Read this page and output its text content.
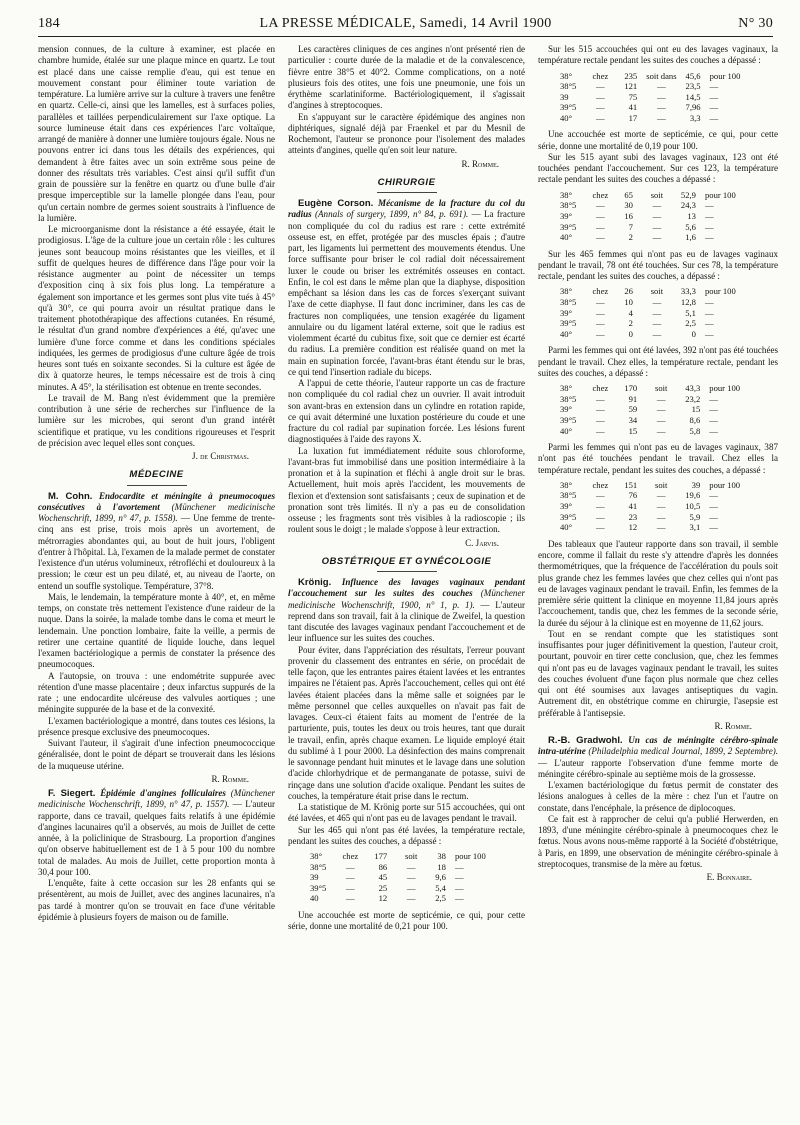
184	LA PRESSE MÉDICALE, Samedi, 14 Avril 1900	N° 30

mension connues, de la culture à examiner, est placée en chambre humide, étalée sur une plaque mince en quartz. Le tout est placé dans une caisse remplie d'eau, qui est tenue en mouvement constant pour éliminer toute variation de température. La lumière arrive sur la culture à travers une fenêtre en quartz. Celle-ci, ainsi que les lamelles, est à surfaces polies, parallèles et taillées perpendiculairement sur l'axe optique. La source lumineuse était dans ces expériences l'arc voltaïque, arrangé de manière à donner une lumière toujours égale. Nous ne pouvons entrer ici dans tous les détails des expériences, qui demandent à être faites avec un soin extrême sous peine de donner des résultats très variables. C'est ainsi qu'il suffit d'un grain de poussière sur la fenêtre en quartz ou d'une bulle d'air presque imperceptible sur la lamelle plongée dans l'eau, pour qu'un certain nombre de germes soient soustraits à l'influence de la lumière.

Le microorganisme dont la résistance a été essayée, était le prodigiosus. L'âge de la culture joue un certain rôle : les cultures jeunes sont beaucoup moins résistantes que les vieilles, et il suffit de quelques heures de différence dans l'âge pour voir la résistance augmenter au point de nécessiter un temps d'exposition cinq à six fois plus long. La température a également son importance et les germes sont plus vite tués à 45° qu'à 30°, ce qui pourra avoir un résultat pratique dans le traitement photothérapique des affections cutanées. En résumé, le résultat d'un grand nombre d'expériences a été, qu'avec une lumière d'une force comme et dans les conditions spéciales indiquées, les germes de prodigiosus d'une culture âgée de trois heures sont tués en soixante secondes. Si la culture est âgée de dix à quatorze heures, le temps nécessaire est de trois à cinq minutes. A 45°, la stérilisation est obtenue en trente secondes.

Le travail de M. Bang n'est évidemment que la première contribution à une série de recherches sur l'influence de la lumière sur les microbes, qui seront d'un grand intérêt scientifique et pratique, vu les conditions rigoureuses et l'esprit de précision avec lequel elles sont conçues.

J. de Christmas.
MÉDECINE

M. Cohn. Endocardite et méningite à pneumocoques consécutives à l'avortement (Münchener medicinische Wochenschrift, 1899, n° 47, p. 1558). — Une femme de trente-cinq ans est prise, trois mois après un avortement, de métrorragies abondantes qui, au bout de huit jours, l'obligent d'entrer à l'hôpital. Là, l'examen de la malade permet de constater l'existence d'un utérus volumineux, rétrofléchi et douloureux à la pression; le cœur est un peu dilaté, et, au niveau de l'aorte, on entend un souffle systolique. Température, 37°8.

Mais, le lendemain, la température monte à 40°, et, en même temps, on constate très nettement l'existence d'une raideur de la nuque. Dans la soirée, la malade tombe dans le coma et meurt le lendemain. Une ponction lombaire, faite la veille, a permis de retirer une certaine quantité de liquide louche, dans lequel l'examen bactériologique a permis de constater la présence des pneumocoques.

A l'autopsie, on trouva : une endométrite suppurée avec rétention d'une masse placentaire ; deux infarctus suppurés de la rate ; une endocardite ulcéreuse des valvules aortiques ; une méningite suppurée de la base et de la convexité.

L'examen bactériologique a montré, dans toutes ces lésions, la présence presque exclusive des pneumocoques.

Suivant l'auteur, il s'agirait d'une infection pneumococcique généralisée, dont le point de départ se trouverait dans les lésions de la muqueuse utérine.

R. Romme.

F. Siegert. Épidémie d'angines folliculaires (Münchener medicinische Wochenschrift, 1899, n° 47, p. 1557). — L'auteur rapporte, dans ce travail, quelques faits relatifs à une épidémie d'angines lacunaires qu'il a observés, au mois de Juillet de cette année, à la policlinique de Strasbourg. La proportion d'angines qu'on observe habituellement est de 1 à 5 pour 100 du nombre total de malades. Au mois de Juillet, cette proportion monta à 30,4 pour 100.

L'enquête, faite à cette occasion sur les 28 enfants qui se présentèrent, au mois de Juillet, avec des angines lacunaires, n'a pas tardé à montrer qu'on se trouvait en face d'une véritable épidémie à plusieurs foyers de maison ou de famille.

Les caractères cliniques de ces angines n'ont présenté rien de particulier : courte durée de la maladie et de la convalescence, fièvre entre 38°5 et 40°2. Comme complications, on a noté plusieurs fois des otites, une fois une pneumonie, une fois un érythème scarlatiniforme. Bactériologiquement, il s'agissait d'angines à streptocoques.

En s'appuyant sur le caractère épidémique des angines non diphtériques, signalé déjà par Fraenkel et par du Mesnil de Rochemont, l'auteur se prononce pour l'isolement des malades atteints d'angines, quelle qu'en soit leur nature.

R. Romme.
CHIRURGIE

Eugène Corson. Mécanisme de la fracture du col du radius (Annals of surgery, 1899, n° 84, p. 691). — La fracture non compliquée du col du radius est rare : cette extrémité osseuse est, en effet, protégée par des muscles épais ; d'autre part, les ligaments lui permettent des mouvements étendus. Une force suffisante pour briser le col radial doit nécessairement luxer le coude ou briser les extrémités osseuses en contact. Enfin, le col est dans le même plan que la diaphyse, disposition empêchant sa lésion dans les cas de forces s'exerçant suivant l'axe de cette diaphyse. Il faut donc incriminer, dans les cas de fractures non compliquées, une tension exagérée du ligament annulaire ou du ligament latéral externe, soit que le radius est violemment écarté du cubitus fixe, soit que ce dernier est écarté du radius. La première condition est réalisée quand on met la main en supination forcée, l'avant-bras étant étendu sur le bras, ce qui tend l'insertion radiale du biceps.

A l'appui de cette théorie, l'auteur rapporte un cas de fracture non compliquée du col radial chez un ouvrier. Il avait introduit son avant-bras en extension dans un cylindre en rotation rapide, ce qui avait déterminé une luxation postérieure du coude et une fracture du col radial par supination forcée. Les lésions furent diagnostiquées à l'aide des rayons X.

La luxation fut immédiatement réduite sous chloroforme, l'avant-bras fut immobilisé dans une position intermédiaire à la pronation et à la supination et fléchi à angle droit sur le bras. Actuellement, huit mois après l'accident, les mouvements de flexion et d'extension sont satisfaisants ; ceux de supination et de pronation sont très limités. Il n'y a pas eu de consolidation osseuse ; les fragments sont très visibles à la radioscopie ; ils roulent sous le doigt ; le malade s'oppose à leur extraction.

C. Jarvis.
OBSTÉTRIQUE ET GYNÉCOLOGIE

Krönig. Influence des lavages vaginaux pendant l'accouchement sur les suites des couches (Münchener medicinische Wochenschrift, 1900, n° 1, p. 1). — L'auteur reprend dans son travail, fait à la clinique de Zweifel, la question tant discutée des lavages vaginaux pendant l'accouchement et de leur influence sur les suites des couches.

Pour éviter, dans l'appréciation des résultats, l'erreur pouvant provenir du classement des entrantes en série, on procédait de telle façon, que les entrantes paires étaient lavées et les entrantes impaires ne l'étaient pas. Après l'accouchement, celles qui ont été lavées étaient placées dans la même salle et soignées par le même personnel que celles auxquelles on n'avait pas fait de lavages. Ceux-ci étaient faits au moment de l'entrée de la parturiente, puis, toutes les deux ou trois heures, tant que durait le travail, enfin, après chaque examen. Le liquide employé était du sublimé à 1 pour 2000. La désinfection des mains comprenait le savonnage pendant huit minutes et le lavage dans une solution d'acide chlorhydrique et de permanganate de potasse, suivi de rinçage dans une solution d'acide oxalique. Pendant les suites de couches, la température était prise dans le rectum.

La statistique de M. Krönig porte sur 515 accouchées, qui ont été lavées, et 465 qui n'ont pas eu de lavages pendant le travail.

Sur les 465 qui n'ont pas été lavées, la température rectale, pendant les suites des couches, a dépassé :

38°	chez	177	soit	38	pour 100
38°5	—	86	—	18	—
39	—	45	—	9,6	—
39°5	—	25	—	5,4	—
40	—	12	—	2,5	—

Une accouchée est morte de septicémie, ce qui, pour cette série, donne une mortalité de 0,21 pour 100.

Sur les 515 accouchées qui ont eu des lavages vaginaux, la température rectale pendant les suites des couches a dépassé :

38°	chez	235	soit dans	45,6	pour 100
38°5	—	121	—	23,5	—
39	—	75	—	14,5	—
39°5	—	41	—	7,96	—
40°	—	17	—	3,3	—

Une accouchée est morte de septicémie, ce qui, pour cette série, donne une mortalité de 0,19 pour 100.

Sur les 515 ayant subi des lavages vaginaux, 123 ont été touchées pendant l'accouchement. Sur ces 123, la température rectale pendant les suites des couches a dépassé :

38°	chez	65	soit	52,9	pour 100
38°5	—	30	—	24,3	—
39°	—	16	—	13	—
39°5	—	7	—	5,6	—
40°	—	2	—	1,6	—

Sur les 465 femmes qui n'ont pas eu de lavages vaginaux pendant le travail, 78 ont été touchées. Sur ces 78, la température rectale, pendant les suites des couches, a dépassé :

38°	chez	26	soit	33,3	pour 100
38°5	—	10	—	12,8	—
39°	—	4	—	5,1	—
39°5	—	2	—	2,5	—
40°	—	0	—	0	—

Parmi les femmes qui ont été lavées, 392 n'ont pas été touchées pendant le travail. Chez elles, la température rectale, pendant les suites des couches, a dépassé :

38°	chez	170	soit	43,3	pour 100
38°5	—	91	—	23,2	—
39°	—	59	—	15	—
39°5	—	34	—	8,6	—
40°	—	15	—	5,8	—

Parmi les femmes qui n'ont pas eu de lavages vaginaux, 387 n'ont pas été touchées pendant le travail. Chez elles la température rectale, pendant les suites des couches, a dépassé :

38°	chez	151	soit	39	pour 100
38°5	—	76	—	19,6	—
39°	—	41	—	10,5	—
39°5	—	23	—	5,9	—
40°	—	12	—	3,1	—

Des tableaux que l'auteur rapporte dans son travail, il semble encore, comme il fallait du reste s'y attendre d'après les données thermométriques, que la fréquence de l'accélération du pouls soit plus grande chez les femmes lavées que chez celles qui n'ont pas eu de lavages vaginaux pendant le travail. Enfin, les femmes de la première série quittent la clinique en moyenne 11,84 jours après l'accouchement, tandis que, chez les femmes de la seconde série, la durée du séjour à la clinique est en moyenne de 11,62 jours.

Tout en se rendant compte que les statistiques sont insuffisantes pour juger définitivement la question, l'auteur croit, pourtant, pouvoir en tirer cette conclusion, que, chez les femmes qui n'ont pas eu de lavages vaginaux pendant le travail, les suites des couches évoluent d'une façon plus normale que chez celles qui ont été soumises aux lavages antiseptiques du vagin. Autrement dit, en obstétrique comme en chirurgie, l'asepsie est préférable à l'antisepsie.

R. Romme.

R.-B. Gradwohl. Un cas de méningite cérébro-spinale intra-utérine (Philadelphia medical Journal, 1899, 2 Septembre). — L'auteur rapporte l'observation d'une femme morte de méningite cérébro-spinale au septième mois de la grossesse.

L'examen bactériologique du fœtus permit de constater des lésions analogues à celles de la mère : chez l'un et l'autre on constate, dans l'encéphale, la présence de diplocoques.

Ce fait est à rapprocher de celui qu'a publié Herwerden, en 1893, d'une méningite cérébro-spinale à pneumocoques chez le fœtus. Nous avons nous-même rapporté à la Société d'obstétrique, à Paris, en 1899, une observation de méningite cérébro-spinale à streptocoques, transmise de la mère au fœtus.

E. Bonnaire.
